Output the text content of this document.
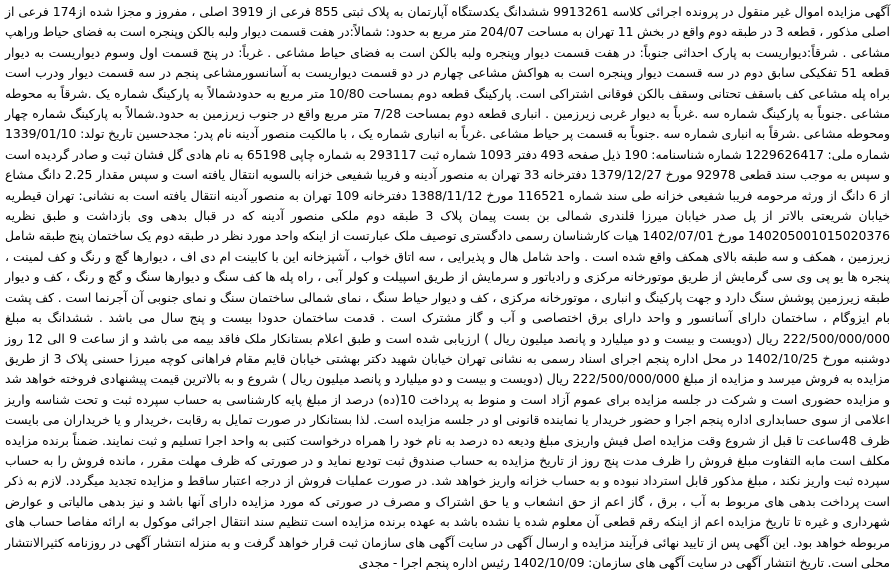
آگهی مزایده اموال غیر منقول در پرونده اجرائی کلاسه 9913261 ششدانگ یکدستگاه آپارتمان به پلاک ثبتی 855 فرعی از 3919 اصلی ، مفروز و مجزا شده از174 فرعی از اصلی مذکور ، قطعه 3 در طبقه دوم واقع در بخش 11 تهران به مساحت 204/07 متر مربع به حدود: شمالاً:در هفت قسمت دیوار ولبه بالکن وپنجره است به فضای حیاط وراهپ مشاعی . شرقاً:دیواریست به پارک احداثی جنوباً: در هفت قسمت دیوار وپنجره ولبه بالکن است به فضای حیاط مشاعی . غرباً: در پنج قسمت اول وسوم دیواریست به دیوار قطعه 51 تفکیکی سابق دوم در سه قسمت دیوار وپنجره است به هواکش مشاعی چهارم در دو قسمت دیواریست به آسانسورمشاعی پنجم در سه قسمت دیوار ودرب است براه پله مشاعی کف باسقف تحتانی وسقف بالکن فوقانی اشتراکی است. پارکینگ قطعه دوم بمساحت 10/80 متر مربع به حدودشمالاً به پارکینگ شماره یک .شرقاً به محوطه مشاعی .جنوباً به پارکینگ شماره سه .غرباً به دیوار غربی زیرزمین . انباری قطعه دوم بمساحت 7/28 متر مربع واقع در جنوب زیرزمین به حدود.شمالاً به پارکینگ شماره چهار ومحوطه مشاعی .شرقاً به انباری شماره سه .جنوباً به قسمت پر حیاط مشاعی .غرباً به انباری شماره یک ، با مالکیت منصور آدینه نام پدر: مجدحسین تاریخ تولد: 1339/01/10 شماره ملی: 1229626417 شماره شناسنامه: 190 ذیل صفحه 493 دفتر 1093 شماره ثبت 293117 به شماره چاپی 65198 به نام هادی گل فشان ثبت و صادر گردیده است و سپس به موجب سند قطعی 92978 مورخ 1379/12/27 دفترخانه 33 تهران به منصور آدینه و فریبا شفیعی خزانه بالسویه انتقال یافته است و سپس مقدار 2.25 دانگ مشاع از 6 دانگ از ورثه مرحومه فریبا شفیعی خزانه طی سند شماره 116521 مورخ 1388/11/12 دفترخانه 109 تهران به منصور آدینه انتقال یافته است به نشانی: تهران قیطریه خیابان شریعتی بالاتر از پل صدر خیابان میرزا قلندری شمالی بن بست پیمان پلاک 3 طبقه دوم ملکی منصور آدینه که در قبال بدهی وی بازداشت و طبق نظریه 140205001015020376 مورخ 1402/07/01 هیات کارشناسان رسمی دادگستری توصیف ملک عبارتست از اینکه واحد مورد نظر در طبقه دوم یک ساختمان پنج طبقه شامل زیرزمین ، همکف و سه طبقه بالای همکف واقع شده است . واحد شامل هال و پذیرایی ، سه اتاق خواب ، آشپزخانه این با کابینت ام دی اف ، دیوارها گچ و رنگ و کف لمینت ، پنجره ها یو پی وی سی گرمایش از طریق موتورخانه مرکزی و رادیاتور و سرمایش از طریق اسپیلت و کولر آبی ، راه پله ها کف سنگ و دیوارها سنگ و گچ و رنگ ، کف و دیوار طبقه زیرزمین پوشش سنگ دارد و جهت پارکینگ و انباری ، موتورخانه مرکزی ، کف و دیوار حیاط سنگ ، نمای شمالی ساختمان سنگ و نمای جنوبی آن آجرنما است . کف پشت بام ایزوگام ، ساختمان دارای آسانسور و واحد دارای برق اختصاصی و آب و گاز مشترک است . قدمت ساختمان حدودا بیست و پنج سال می باشد . ششدانگ به مبلغ 222/500/000/000 ریال (دویست و بیست و دو میلیارد و پانصد میلیون ریال ) ارزیابی شده است و طبق اعلام بستانکار ملک فاقد بیمه می باشد و از ساعت 9 الی 12 روز دوشنبه مورخ 1402/10/25 در محل اداره پنجم اجرای اسناد رسمی به نشانی تهران خیابان شهید دکتر بهشتی خیابان قایم مقام فراهانی کوچه میرزا حسنی پلاک 3 از طریق مزایده به فروش میرسد و مزایده از مبلغ 222/500/000/000 ریال (دویست و بیست و دو میلیارد و پانصد میلیون ریال ) شروع و به بالاترین قیمت پیشنهادی فروخته خواهد شد و مزایده حضوری است و شرکت در جلسه مزایده برای عموم آزاد است و منوط به پرداخت 10(ده) درصد از مبلغ پایه کارشناسی به حساب سپرده ثبت و تحت شناسه واریز اعلامی از سوی حسابداری اداره پنجم اجرا و حضور خریدار یا نماینده قانونی او در جلسه مزایده است. لذا بستانکار در صورت تمایل به رقابت ،خریدار و یا خریداران می بایست ظرف 48ساعت تا قبل از شروع وقت مزایده اصل فیش واریزی مبلغ ودیعه ده درصد به نام خود را همراه درخواست کتبی به واحد اجرا تسلیم و ثبت نمایند. ضمناً برنده مزایده مکلف است مابه التفاوت مبلغ فروش را ظرف مدت پنج روز از تاریخ مزایده به حساب صندوق ثبت تودیع نماید و در صورتی که ظرف مهلت مقرر ، مانده فروش را به حساب سپرده ثبت واریز نکند ، مبلغ مذکور قابل استرداد نبوده و به حساب خزانه واریز خواهد شد. در صورت عملیات فروش از درجه اعتبار ساقط و مزایده تجدید میگردد. لازم به ذکر است پرداخت بدهی های مربوط به آب ، برق ، گاز اعم از حق انشعاب و یا حق اشتراک و مصرف در صورتی که مورد مزایده دارای آنها باشد و نیز بدهی مالیاتی و عوارض شهرداری و غیره تا تاریخ مزایده اعم از اینکه رقم قطعی آن معلوم شده یا نشده باشد به عهده برنده مزایده است تنظیم سند انتقال اجرائی موکول به ارائه مفاصا حساب های مربوطه خواهد بود. این آگهی پس از تایید نهائی فرآیند مزایده و ارسال آگهی در سایت آگهی های سازمان ثبت قرار خواهد گرفت و به منزله انتشار آگهی در روزنامه کثیرالانتشار محلی است. تاریخ انتشار آگهی در سایت آگهی های سازمان: 1402/10/09 رئیس اداره پنجم اجرا - مجدی
